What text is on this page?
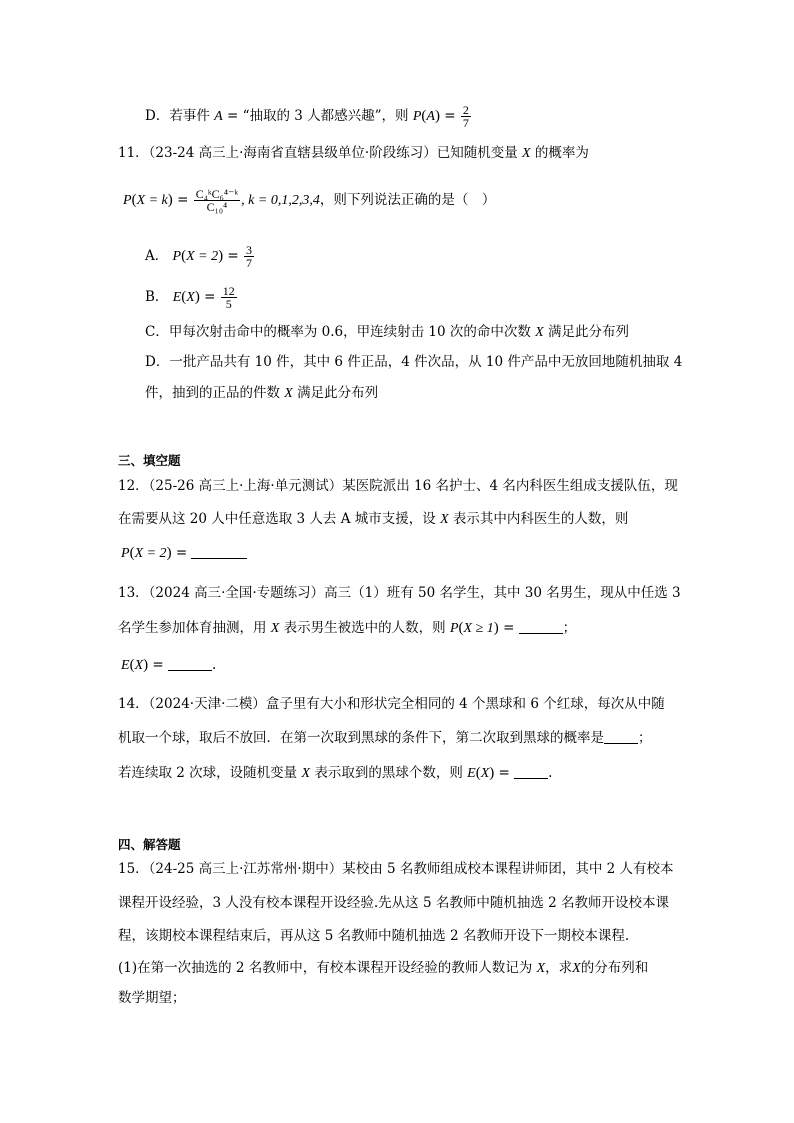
D．若事件 A = “抽取的 3 人都感兴趣”，则 $P(A) = \frac{2}{7}$
11．（23-24 高三上·海南省直辖县级单位·阶段练习）已知随机变量 X 的概率为
$P(X = k) = \frac{\text{C₄ᵏC₆⁴⁻ᵏ}}{\text{C₁₀⁴}}$ , k = 0,1,2,3,4，则下列说法正确的是（　）
A． $P(X = 2) = \frac{3}{7}$
B． $E(X) = \frac{12}{5}$
C．甲每次射击命中的概率为 0.6，甲连续射击 10 次的命中次数 X 满足此分布列
D．一批产品共有 10 件，其中 6 件正品，4 件次品，从 10 件产品中无放回地随机抽取 4
件，抽到的正品的件数 X 满足此分布列
三、填空题
12．（25-26 高三上·上海·单元测试）某医院派出 16 名护士、4 名内科医生组成支援队伍，现
在需要从这 20 人中任意选取 3 人去 A 城市支援，设 X 表示其中内科医生的人数，则
P(X = 2) =
13．（2024 高三·全国·专题练习）高三（1）班有 50 名学生，其中 30 名男生，现从中任选 3
名学生参加体育抽测，用 X 表示男生被选中的人数，则 P(X ≥ 1) =	；
E(X) =	.
14．（2024·天津·二模）盒子里有大小和形状完全相同的 4 个黑球和 6 个红球，每次从中随
机取一个球，取后不放回．在第一次取到黑球的条件下，第二次取到黑球的概率是	；
若连续取 2 次球，设随机变量 X 表示取到的黑球个数，则 E(X) =	.
四、解答题
15．（24-25 高三上·江苏常州·期中）某校由 5 名教师组成校本课程讲师团，其中 2 人有校本
课程开设经验，3 人没有校本课程开设经验.先从这 5 名教师中随机抽选 2 名教师开设校本课
程，该期校本课程结束后，再从这 5 名教师中随机抽选 2 名教师开设下一期校本课程.
(1)在第一次抽选的 2 名教师中，有校本课程开设经验的教师人数记为 X，求X的分布列和
数学期望；
